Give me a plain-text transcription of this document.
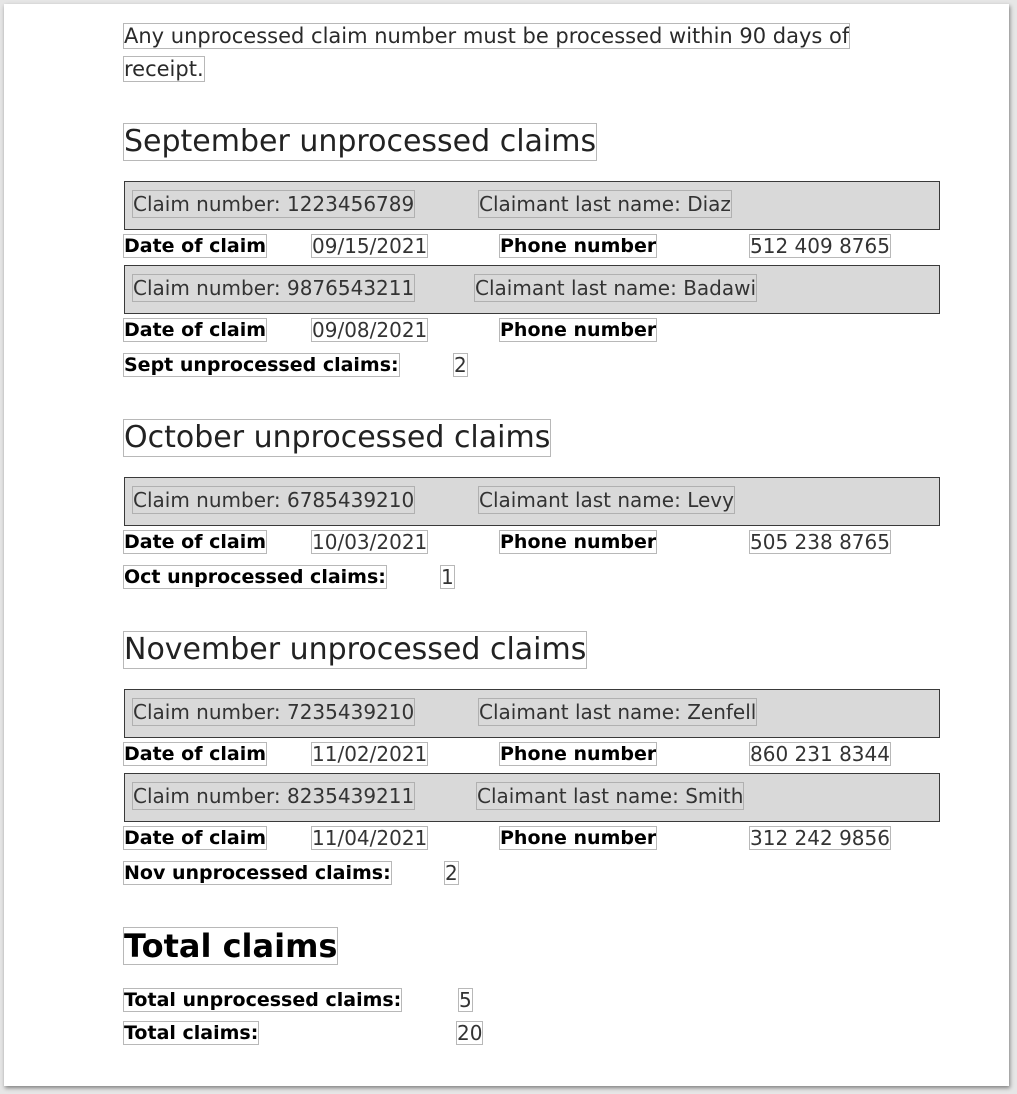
Any unprocessed claim number must be processed within 90 days of receipt.
September unprocessed claims
Claim number: 1223456789	Claimant last name: Diaz
Date of claim 09/15/2021	Phone number	512 409 8765
Claim number: 9876543211	Claimant last name: Badawi
Date of claim 09/08/2021	Phone number
Sept unprocessed claims:	2
October unprocessed claims
Claim number: 6785439210	Claimant last name: Levy
Date of claim 10/03/2021	Phone number	505 238 8765
Oct unprocessed claims:	1
November unprocessed claims
Claim number: 7235439210	Claimant last name: Zenfell
Date of claim 11/02/2021	Phone number	860 231 8344
Claim number: 8235439211	Claimant last name: Smith
Date of claim 11/04/2021	Phone number	312 242 9856
Nov unprocessed claims:	2
Total claims
Total unprocessed claims:	5
Total claims:	20
